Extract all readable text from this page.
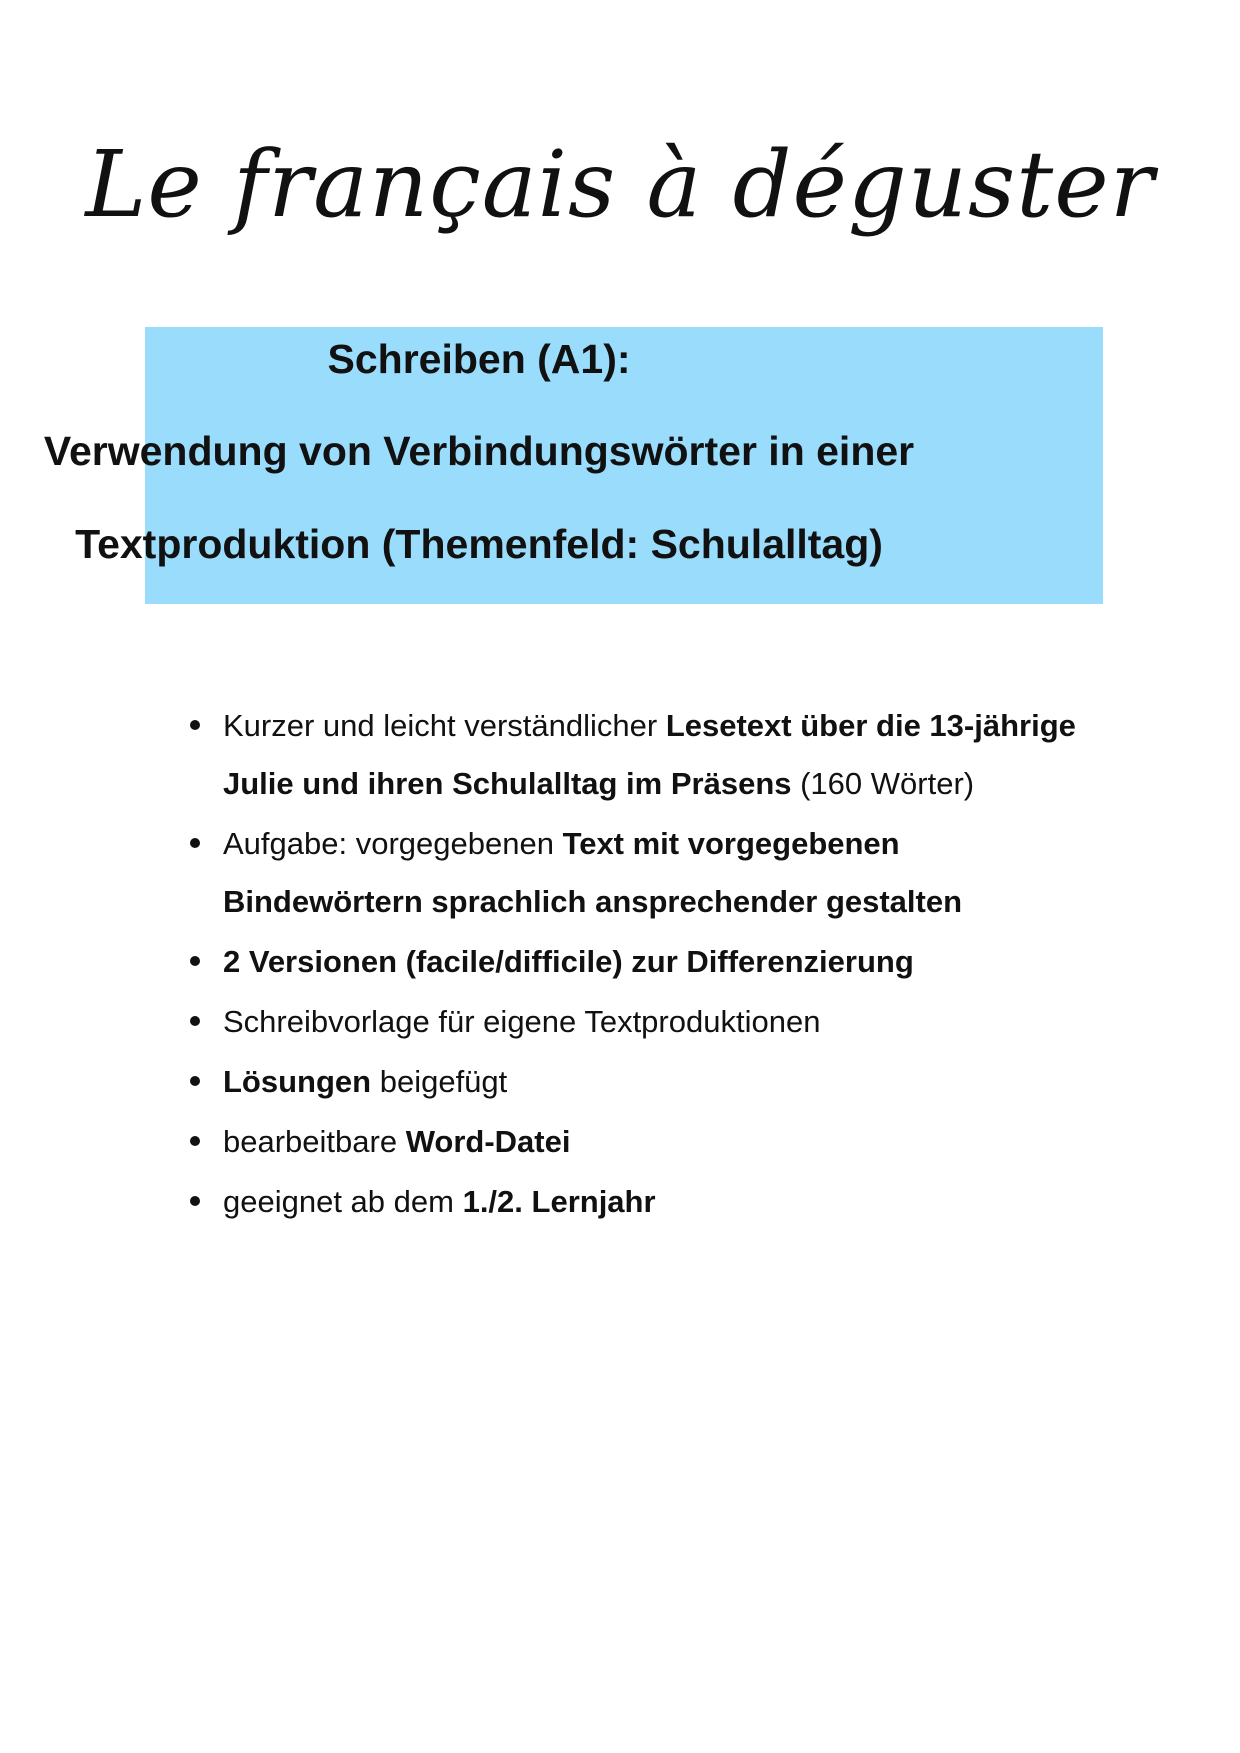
Le français à déguster
Schreiben (A1):
Verwendung von Verbindungswörter in einer
Textproduktion (Themenfeld: Schulalltag)
Kurzer und leicht verständlicher Lesetext über die 13-jährige Julie und ihren Schulalltag im Präsens (160 Wörter)
Aufgabe: vorgegebenen Text mit vorgegebenen Bindewörtern sprachlich ansprechender gestalten
2 Versionen (facile/difficile) zur Differenzierung
Schreibvorlage für eigene Textproduktionen
Lösungen beigefügt
bearbeitbare Word-Datei
geeignet ab dem 1./2. Lernjahr
